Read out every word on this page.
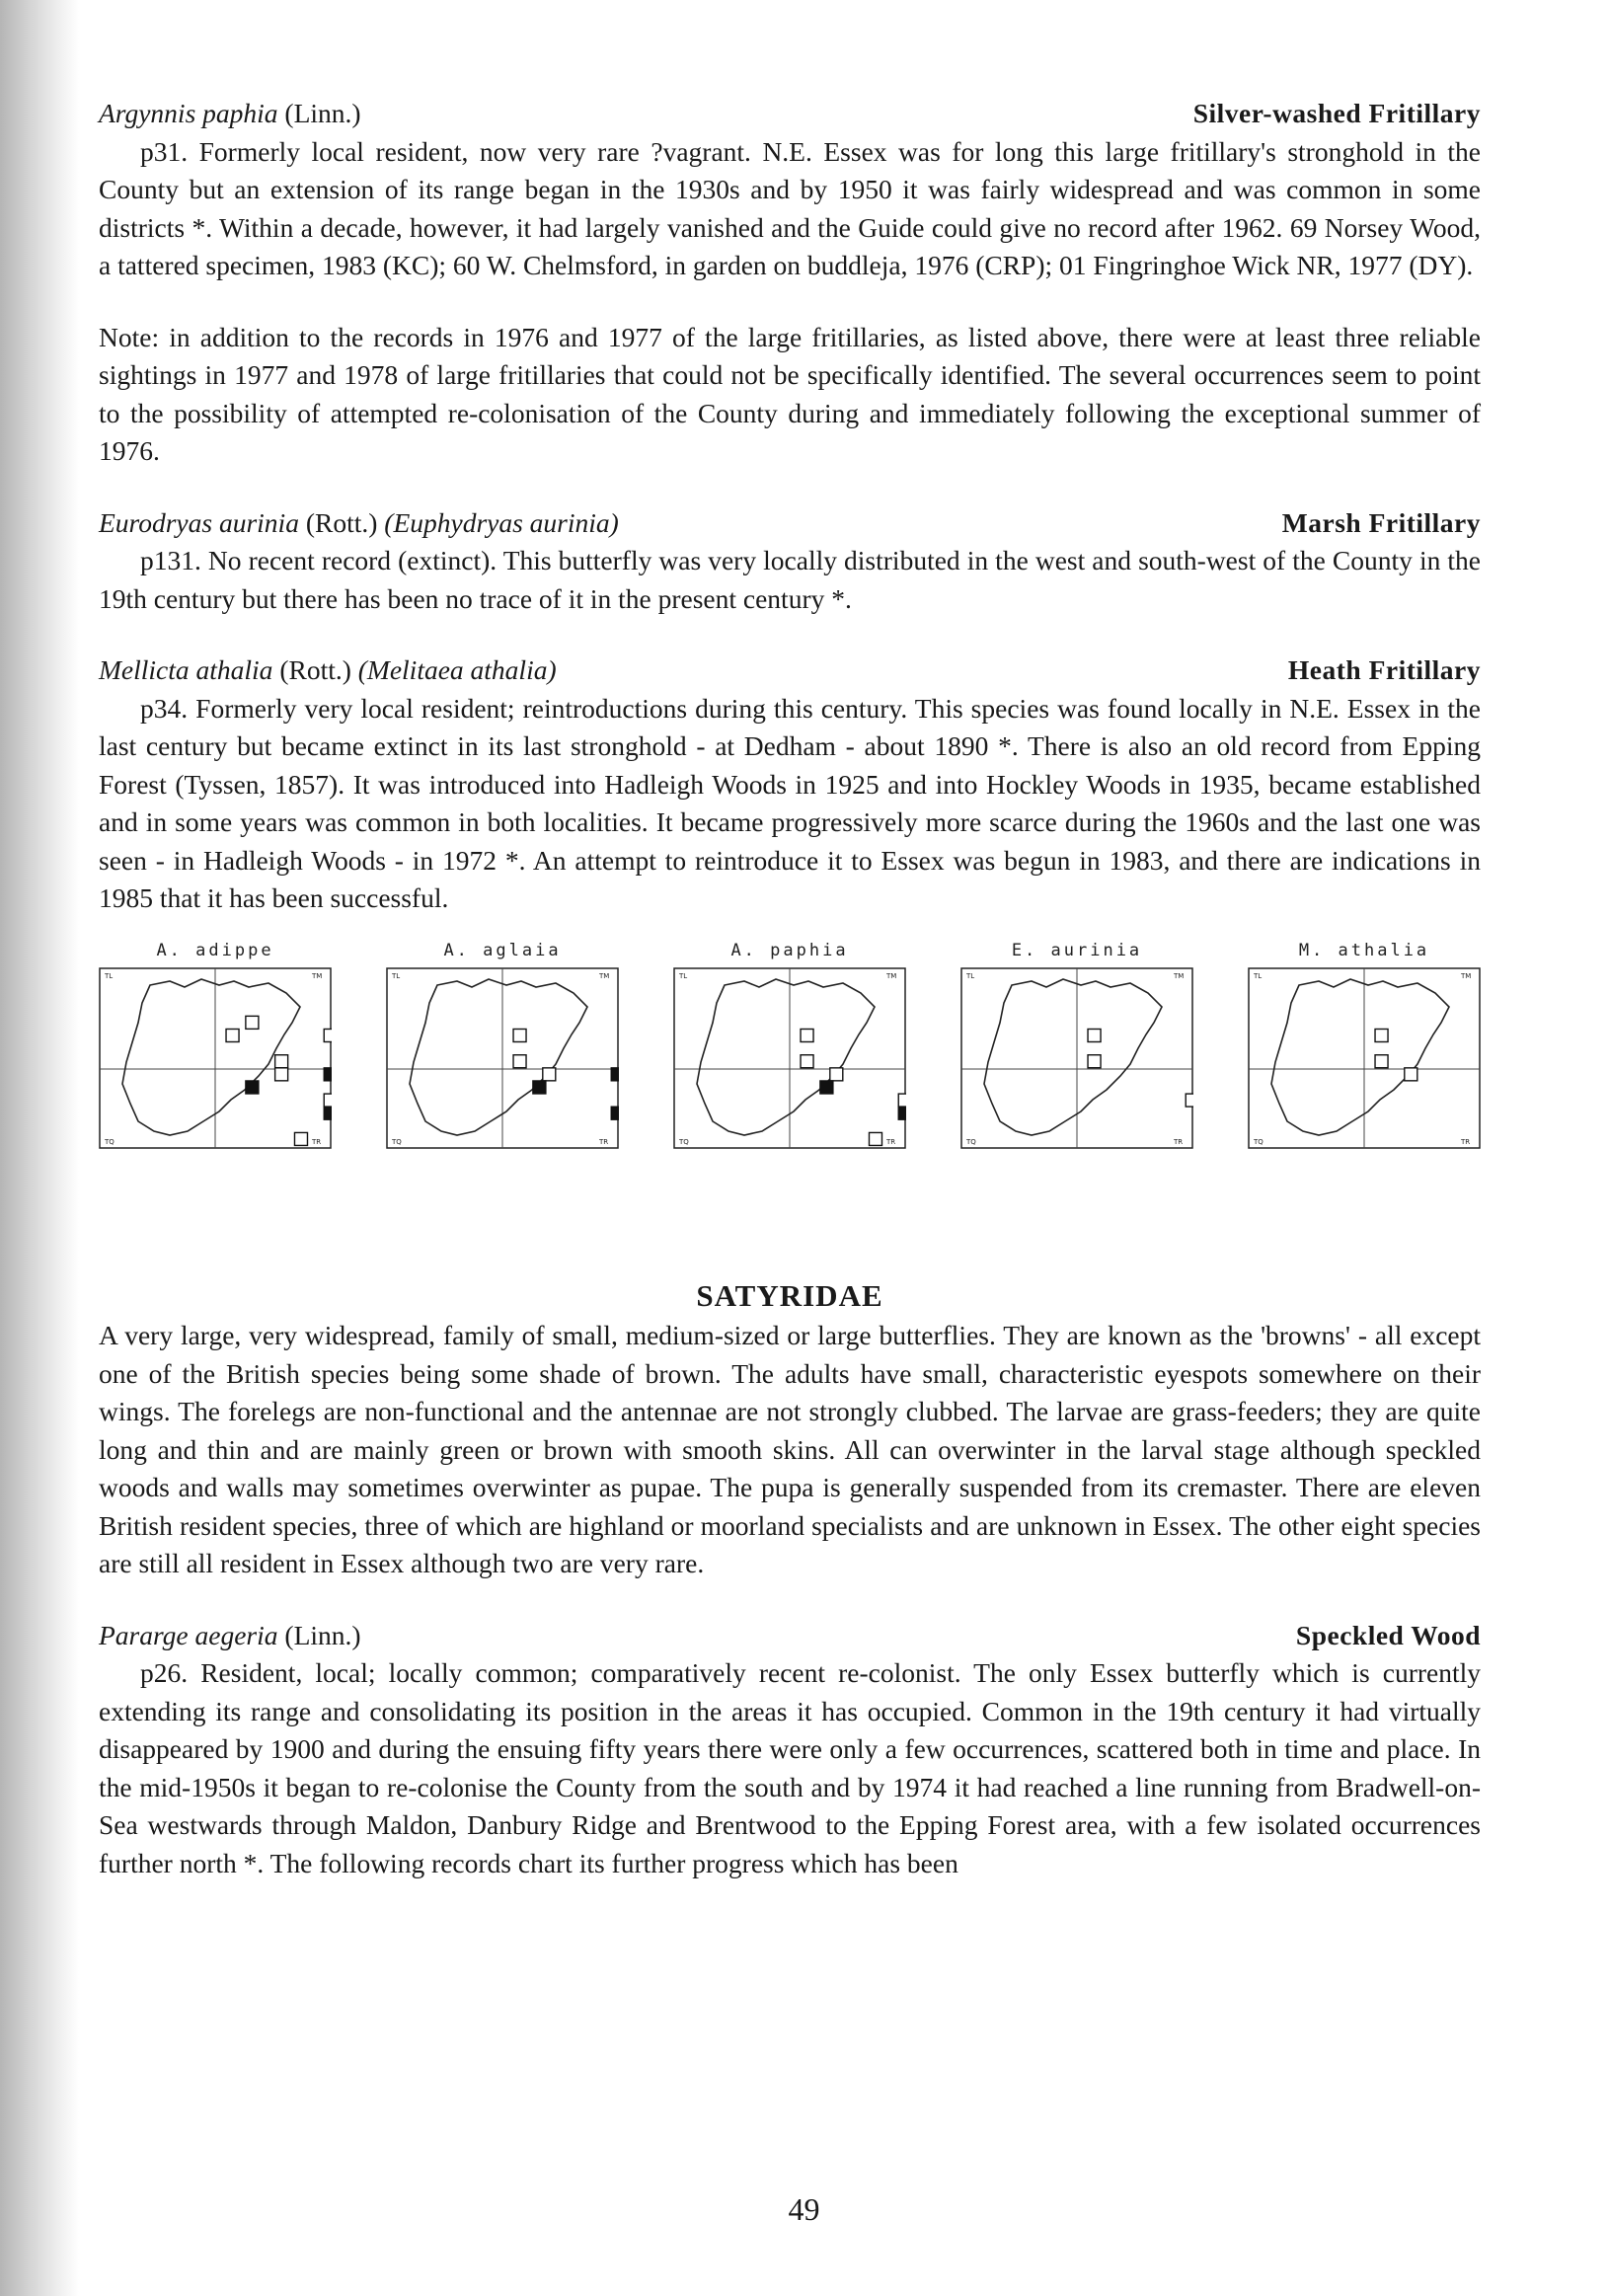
Argynnis paphia (Linn.)	Silver-washed Fritillary
p31. Formerly local resident, now very rare ?vagrant. N.E. Essex was for long this large fritillary's stronghold in the County but an extension of its range began in the 1930s and by 1950 it was fairly widespread and was common in some districts *. Within a decade, however, it had largely vanished and the Guide could give no record after 1962. 69 Norsey Wood, a tattered specimen, 1983 (KC); 60 W. Chelmsford, in garden on buddleja, 1976 (CRP); 01 Fingringhoe Wick NR, 1977 (DY).
Note: in addition to the records in 1976 and 1977 of the large fritillaries, as listed above, there were at least three reliable sightings in 1977 and 1978 of large fritillaries that could not be specifically identified. The several occurrences seem to point to the possibility of attempted re-colonisation of the County during and immediately following the exceptional summer of 1976.
Eurodryas aurinia (Rott.) (Euphydryas aurinia)	Marsh Fritillary
p131. No recent record (extinct). This butterfly was very locally distributed in the west and south-west of the County in the 19th century but there has been no trace of it in the present century *.
Mellicta athalia (Rott.) (Melitaea athalia)	Heath Fritillary
p34. Formerly very local resident; reintroductions during this century. This species was found locally in N.E. Essex in the last century but became extinct in its last stronghold - at Dedham - about 1890 *. There is also an old record from Epping Forest (Tyssen, 1857). It was introduced into Hadleigh Woods in 1925 and into Hockley Woods in 1935, became established and in some years was common in both localities. It became progressively more scarce during the 1960s and the last one was seen - in Hadleigh Woods - in 1972 *. An attempt to reintroduce it to Essex was begun in 1983, and there are indications in 1985 that it has been successful.
A. adippe
TL	TM
TQ	TR
A. aglaia
TL	TM
TQ	TR
A. paphia
TL	TM
TQ	TR
E. aurinia
TL	TM
TQ	TR
M. athalia
TL	TM
TQ	TR
SATYRIDAE
A very large, very widespread, family of small, medium-sized or large butterflies. They are known as the 'browns' - all except one of the British species being some shade of brown. The adults have small, characteristic eyespots somewhere on their wings. The forelegs are non-functional and the antennae are not strongly clubbed. The larvae are grass-feeders; they are quite long and thin and are mainly green or brown with smooth skins. All can overwinter in the larval stage although speckled woods and walls may sometimes overwinter as pupae. The pupa is generally suspended from its cremaster. There are eleven British resident species, three of which are highland or moorland specialists and are unknown in Essex. The other eight species are still all resident in Essex although two are very rare.
Pararge aegeria (Linn.)	Speckled Wood
p26. Resident, local; locally common; comparatively recent re-colonist. The only Essex butterfly which is currently extending its range and consolidating its position in the areas it has occupied. Common in the 19th century it had virtually disappeared by 1900 and during the ensuing fifty years there were only a few occurrences, scattered both in time and place. In the mid-1950s it began to re-colonise the County from the south and by 1974 it had reached a line running from Bradwell-on-Sea westwards through Maldon, Danbury Ridge and Brentwood to the Epping Forest area, with a few isolated occurrences further north *. The following records chart its further progress which has been
49
